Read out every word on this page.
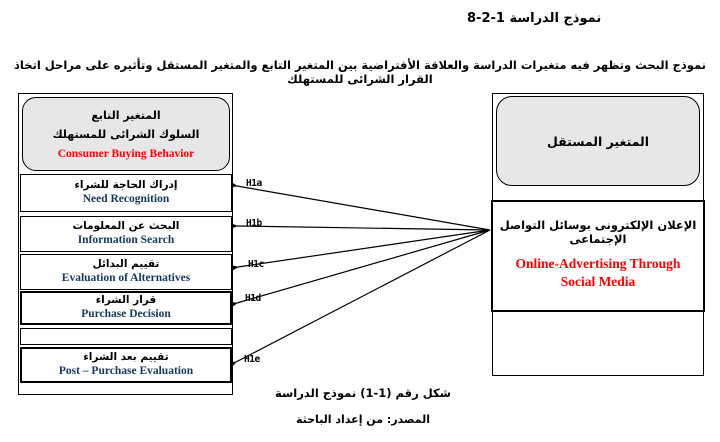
8-2-1 نموذج الدراسة
نموذج البحث وتظهر فيه متغيرات الدراسة والعلاقة الأفتراضية بين المتغير التابع والمتغير المستقل وتأثيره على مراحل اتخاذ القرار الشرائى للمستهلك
المتغير التابع
السلوك الشرائى للمستهلك
Consumer Buying Behavior
إدراك الحاجة للشراء
Need Recognition
البحث عن المعلومات
Information Search
تقييم البدائل
Evaluation of Alternatives
قرار الشراء
Purchase Decision
تقييم بعد الشراء
Post – Purchase Evaluation
المتغير المستقل
الإعلان الإلكترونى بوسائل التواصل الإجتماعى
Online-Advertising Through Social Media
H1a
H1b
H1c
H1d
H1e
شكل رقم (1-1) نموذج الدراسة
المصدر: من إعداد الباحثة
